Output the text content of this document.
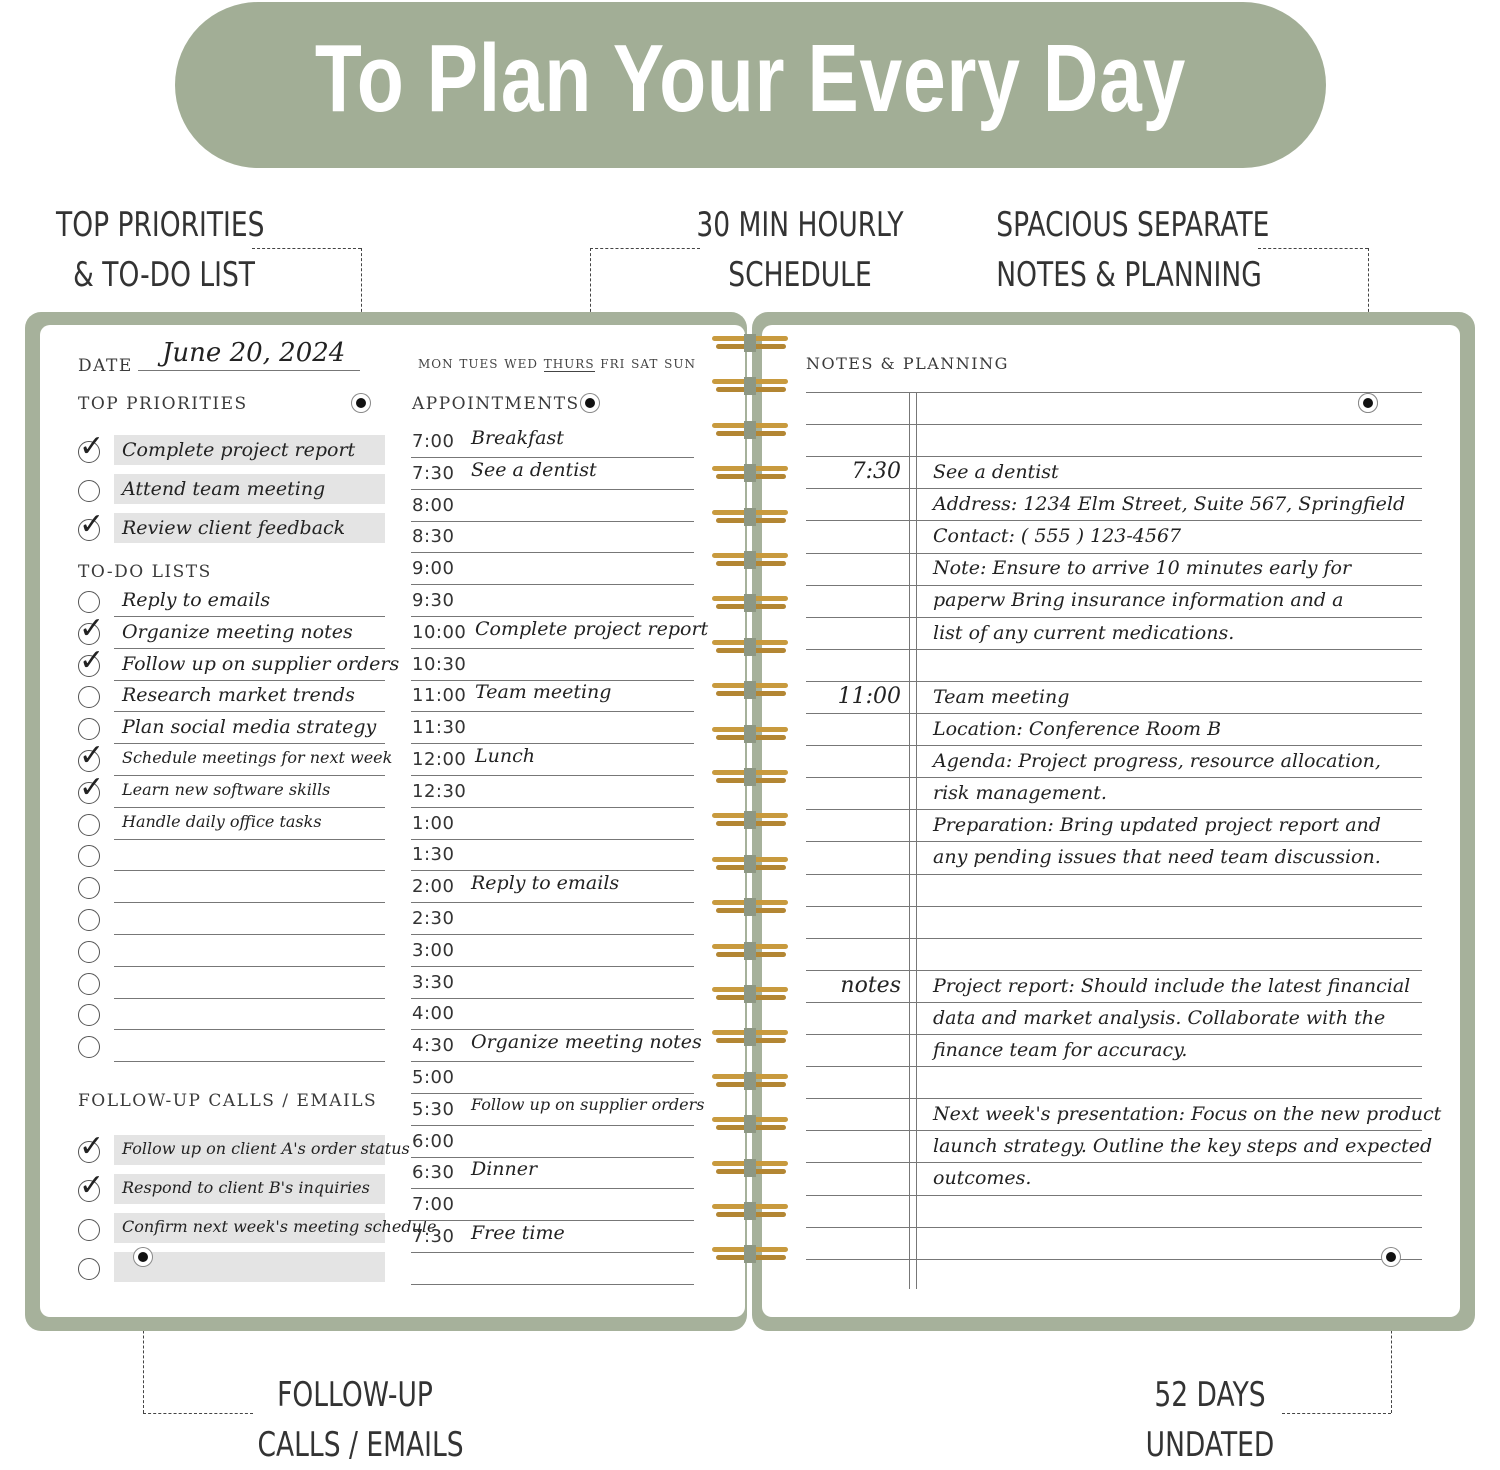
To Plan Your Every Day
TOP PRIORITIES
& TO-DO LIST
30 MIN HOURLY
SCHEDULE
SPACIOUS SEPARATE
NOTES & PLANNING
FOLLOW-UP
CALLS / EMAILS
52 DAYS
UNDATED
DATE June 20, 2024
TOP PRIORITIES
✓ Complete project report
Attend team meeting
✓ Review client feedback
TO-DO LISTS
Reply to emails
✓ Organize meeting notes
✓ Follow up on supplier orders
Research market trends
Plan social media strategy
✓ Schedule meetings for next week
✓ Learn new software skills
Handle daily office tasks
FOLLOW-UP CALLS / EMAILS
✓ Follow up on client A's order status
✓ Respond to client B's inquiries
Confirm next week's meeting schedule
MON TUES WED THURS FRI SAT SUN
APPOINTMENTS
7:00 Breakfast
7:30 See a dentist
8:00
8:30
9:00
9:30
10:00 Complete project report
10:30
11:00 Team meeting
11:30
12:00 Lunch
12:30
1:00
1:30
2:00 Reply to emails
2:30
3:00
3:30
4:00
4:30 Organize meeting notes
5:00
5:30 Follow up on supplier orders
6:00
6:30 Dinner
7:00
7:30 Free time
NOTES & PLANNING
7:30 See a dentist
Address: 1234 Elm Street, Suite 567, Springfield
Contact: ( 555 ) 123-4567
Note: Ensure to arrive 10 minutes early for
paperw Bring insurance information and a
list of any current medications.
11:00 Team meeting
Location: Conference Room B
Agenda: Project progress, resource allocation,
risk management.
Preparation: Bring updated project report and
any pending issues that need team discussion.
notes Project report: Should include the latest financial
data and market analysis. Collaborate with the
finance team for accuracy.
Next week's presentation: Focus on the new product
launch strategy. Outline the key steps and expected
outcomes.
